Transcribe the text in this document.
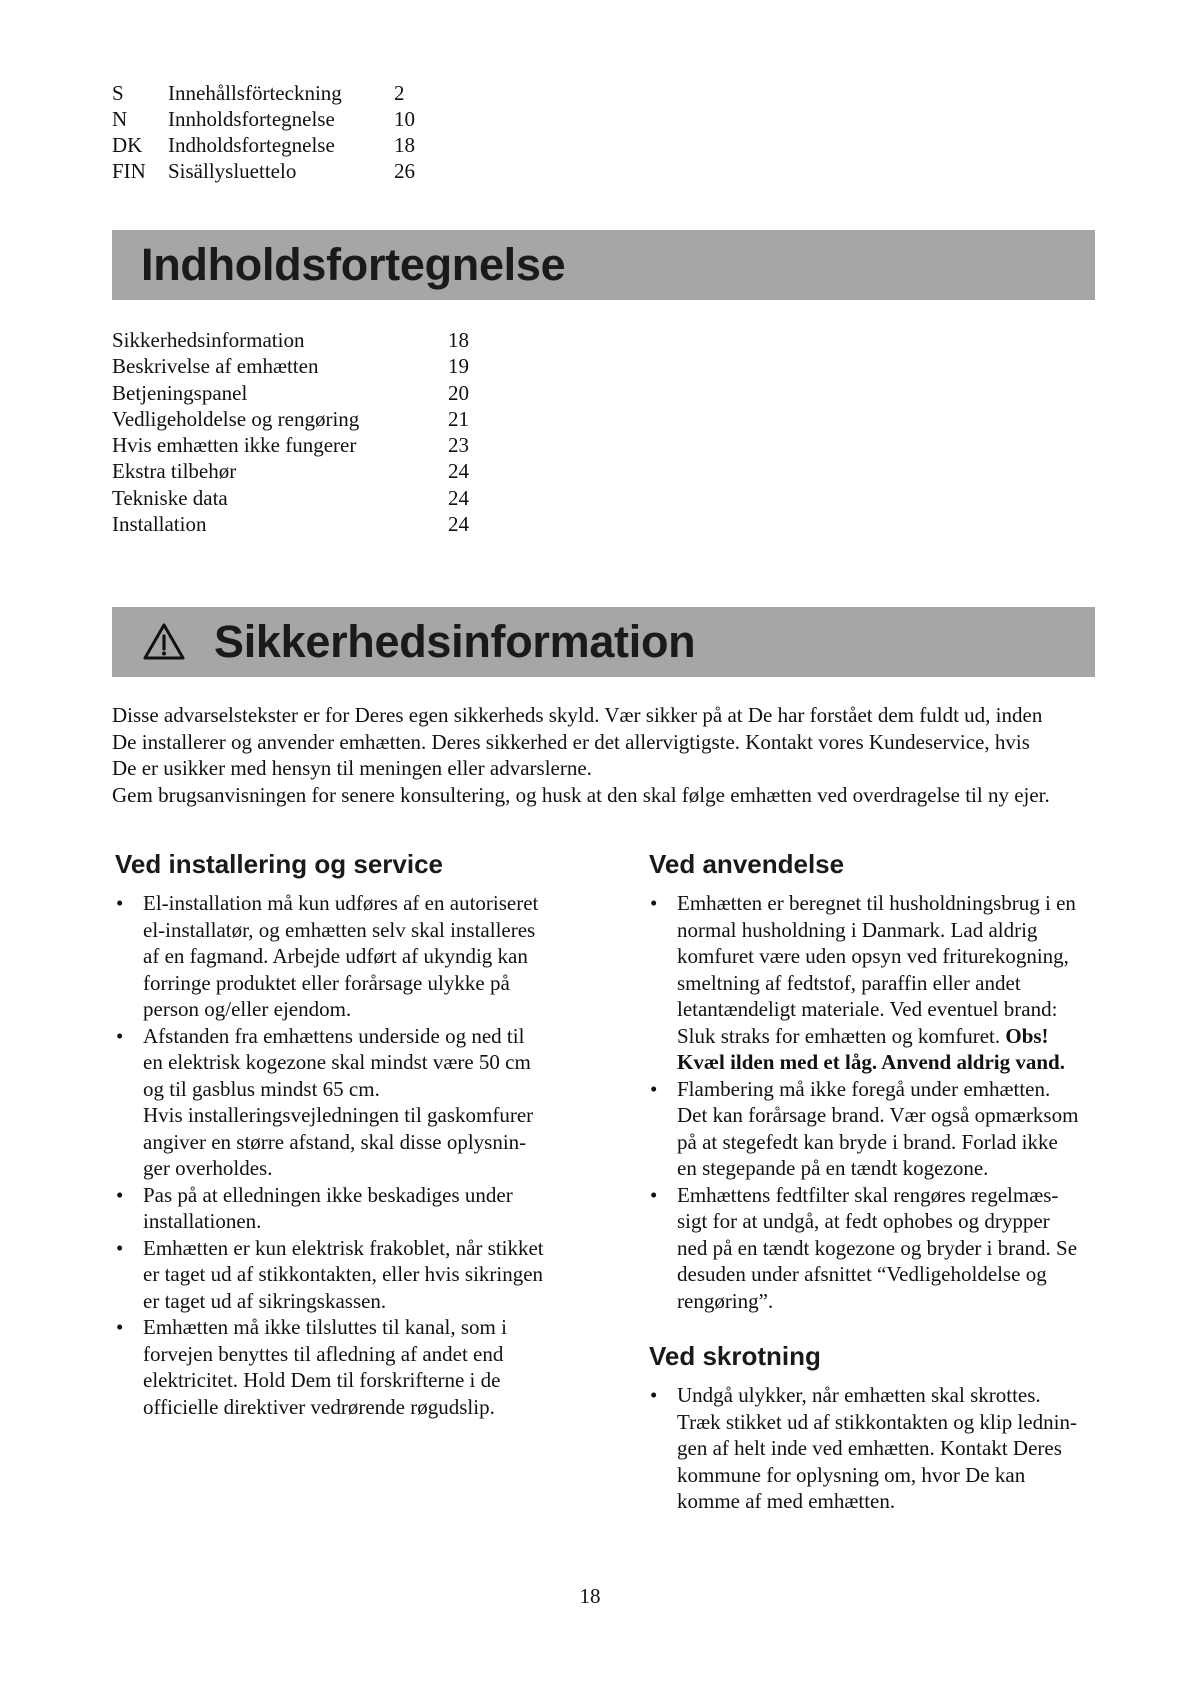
S	Innehållsförteckning	2
N	Innholdsfortegnelse	10
DK	Indholdsfortegnelse	18
FIN	Sisällysluettelo	26
Indholdsfortegnelse
Sikkerhedsinformation	18
Beskrivelse af emhætten	19
Betjeningspanel	20
Vedligeholdelse og rengøring	21
Hvis emhætten ikke fungerer	23
Ekstra tilbehør	24
Tekniske data	24
Installation	24
Sikkerhedsinformation

Disse advarselstekster er for Deres egen sikkerheds skyld. Vær sikker på at De har forstået dem fuldt ud, inden

De installerer og anvender emhætten. Deres sikkerhed er det allervigtigste. Kontakt vores Kundeservice, hvis

De er usikker med hensyn til meningen eller advarslerne.

Gem brugsanvisningen for senere konsultering, og husk at den skal følge emhætten ved overdragelse til ny ejer.

Ved installering og service
• El-installation må kun udføres af en autoriseret
el-installatør, og emhætten selv skal installeres
af en fagmand. Arbejde udført af ukyndig kan
forringe produktet eller forårsage ulykke på
person og/eller ejendom.
• Afstanden fra emhættens underside og ned til
en elektrisk kogezone skal mindst være 50 cm
og til gasblus mindst 65 cm.
Hvis installeringsvejledningen til gaskomfurer
angiver en større afstand, skal disse oplysnin-
ger overholdes.
• Pas på at elledningen ikke beskadiges under
installationen.
• Emhætten er kun elektrisk frakoblet, når stikket
er taget ud af stikkontakten, eller hvis sikringen
er taget ud af sikringskassen.
• Emhætten må ikke tilsluttes til kanal, som i
forvejen benyttes til afledning af andet end
elektricitet. Hold Dem til forskrifterne i de
officielle direktiver vedrørende røgudslip.
Ved anvendelse
• Emhætten er beregnet til husholdningsbrug i en
normal husholdning i Danmark. Lad aldrig
komfuret være uden opsyn ved friturekogning,
smeltning af fedtstof, paraffin eller andet
letantændeligt materiale. Ved eventuel brand:
Sluk straks for emhætten og komfuret. Obs!
Kvæl ilden med et låg. Anvend aldrig vand.
• Flambering må ikke foregå under emhætten.
Det kan forårsage brand. Vær også opmærksom
på at stegefedt kan bryde i brand. Forlad ikke
en stegepande på en tændt kogezone.
• Emhættens fedtfilter skal rengøres regelmæs-
sigt for at undgå, at fedt ophobes og drypper
ned på en tændt kogezone og bryder i brand. Se
desuden under afsnittet “Vedligeholdelse og
rengøring”.
Ved skrotning
• Undgå ulykker, når emhætten skal skrottes.
Træk stikket ud af stikkontakten og klip lednin-
gen af helt inde ved emhætten. Kontakt Deres
kommune for oplysning om, hvor De kan
komme af med emhætten.
18
